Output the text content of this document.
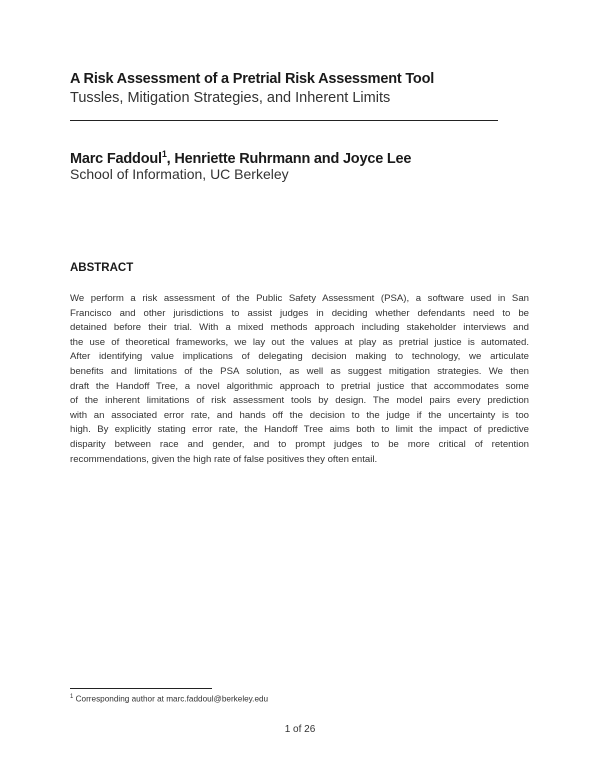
A Risk Assessment of a Pretrial Risk Assessment Tool
Tussles, Mitigation Strategies, and Inherent Limits
Marc Faddoul$^1$, Henriette Ruhrmann and Joyce Lee
School of Information, UC Berkeley
ABSTRACT
We perform a risk assessment of the Public Safety Assessment (PSA), a software used in San
Francisco and other jurisdictions to assist judges in deciding whether defendants need to be
detained before their trial. With a mixed methods approach including stakeholder interviews and
the use of theoretical frameworks, we lay out the values at play as pretrial justice is automated.
After identifying value implications of delegating decision making to technology, we articulate
benefits and limitations of the PSA solution, as well as suggest mitigation strategies. We then
draft the Handoff Tree, a novel algorithmic approach to pretrial justice that accommodates some
of the inherent limitations of risk assessment tools by design. The model pairs every prediction
with an associated error rate, and hands off the decision to the judge if the uncertainty is too
high. By explicitly stating error rate, the Handoff Tree aims both to limit the impact of predictive
disparity between race and gender, and to prompt judges to be more critical of retention
recommendations, given the high rate of false positives they often entail.
$^1$ Corresponding author at marc.faddoul@berkeley.edu
1 of 26
